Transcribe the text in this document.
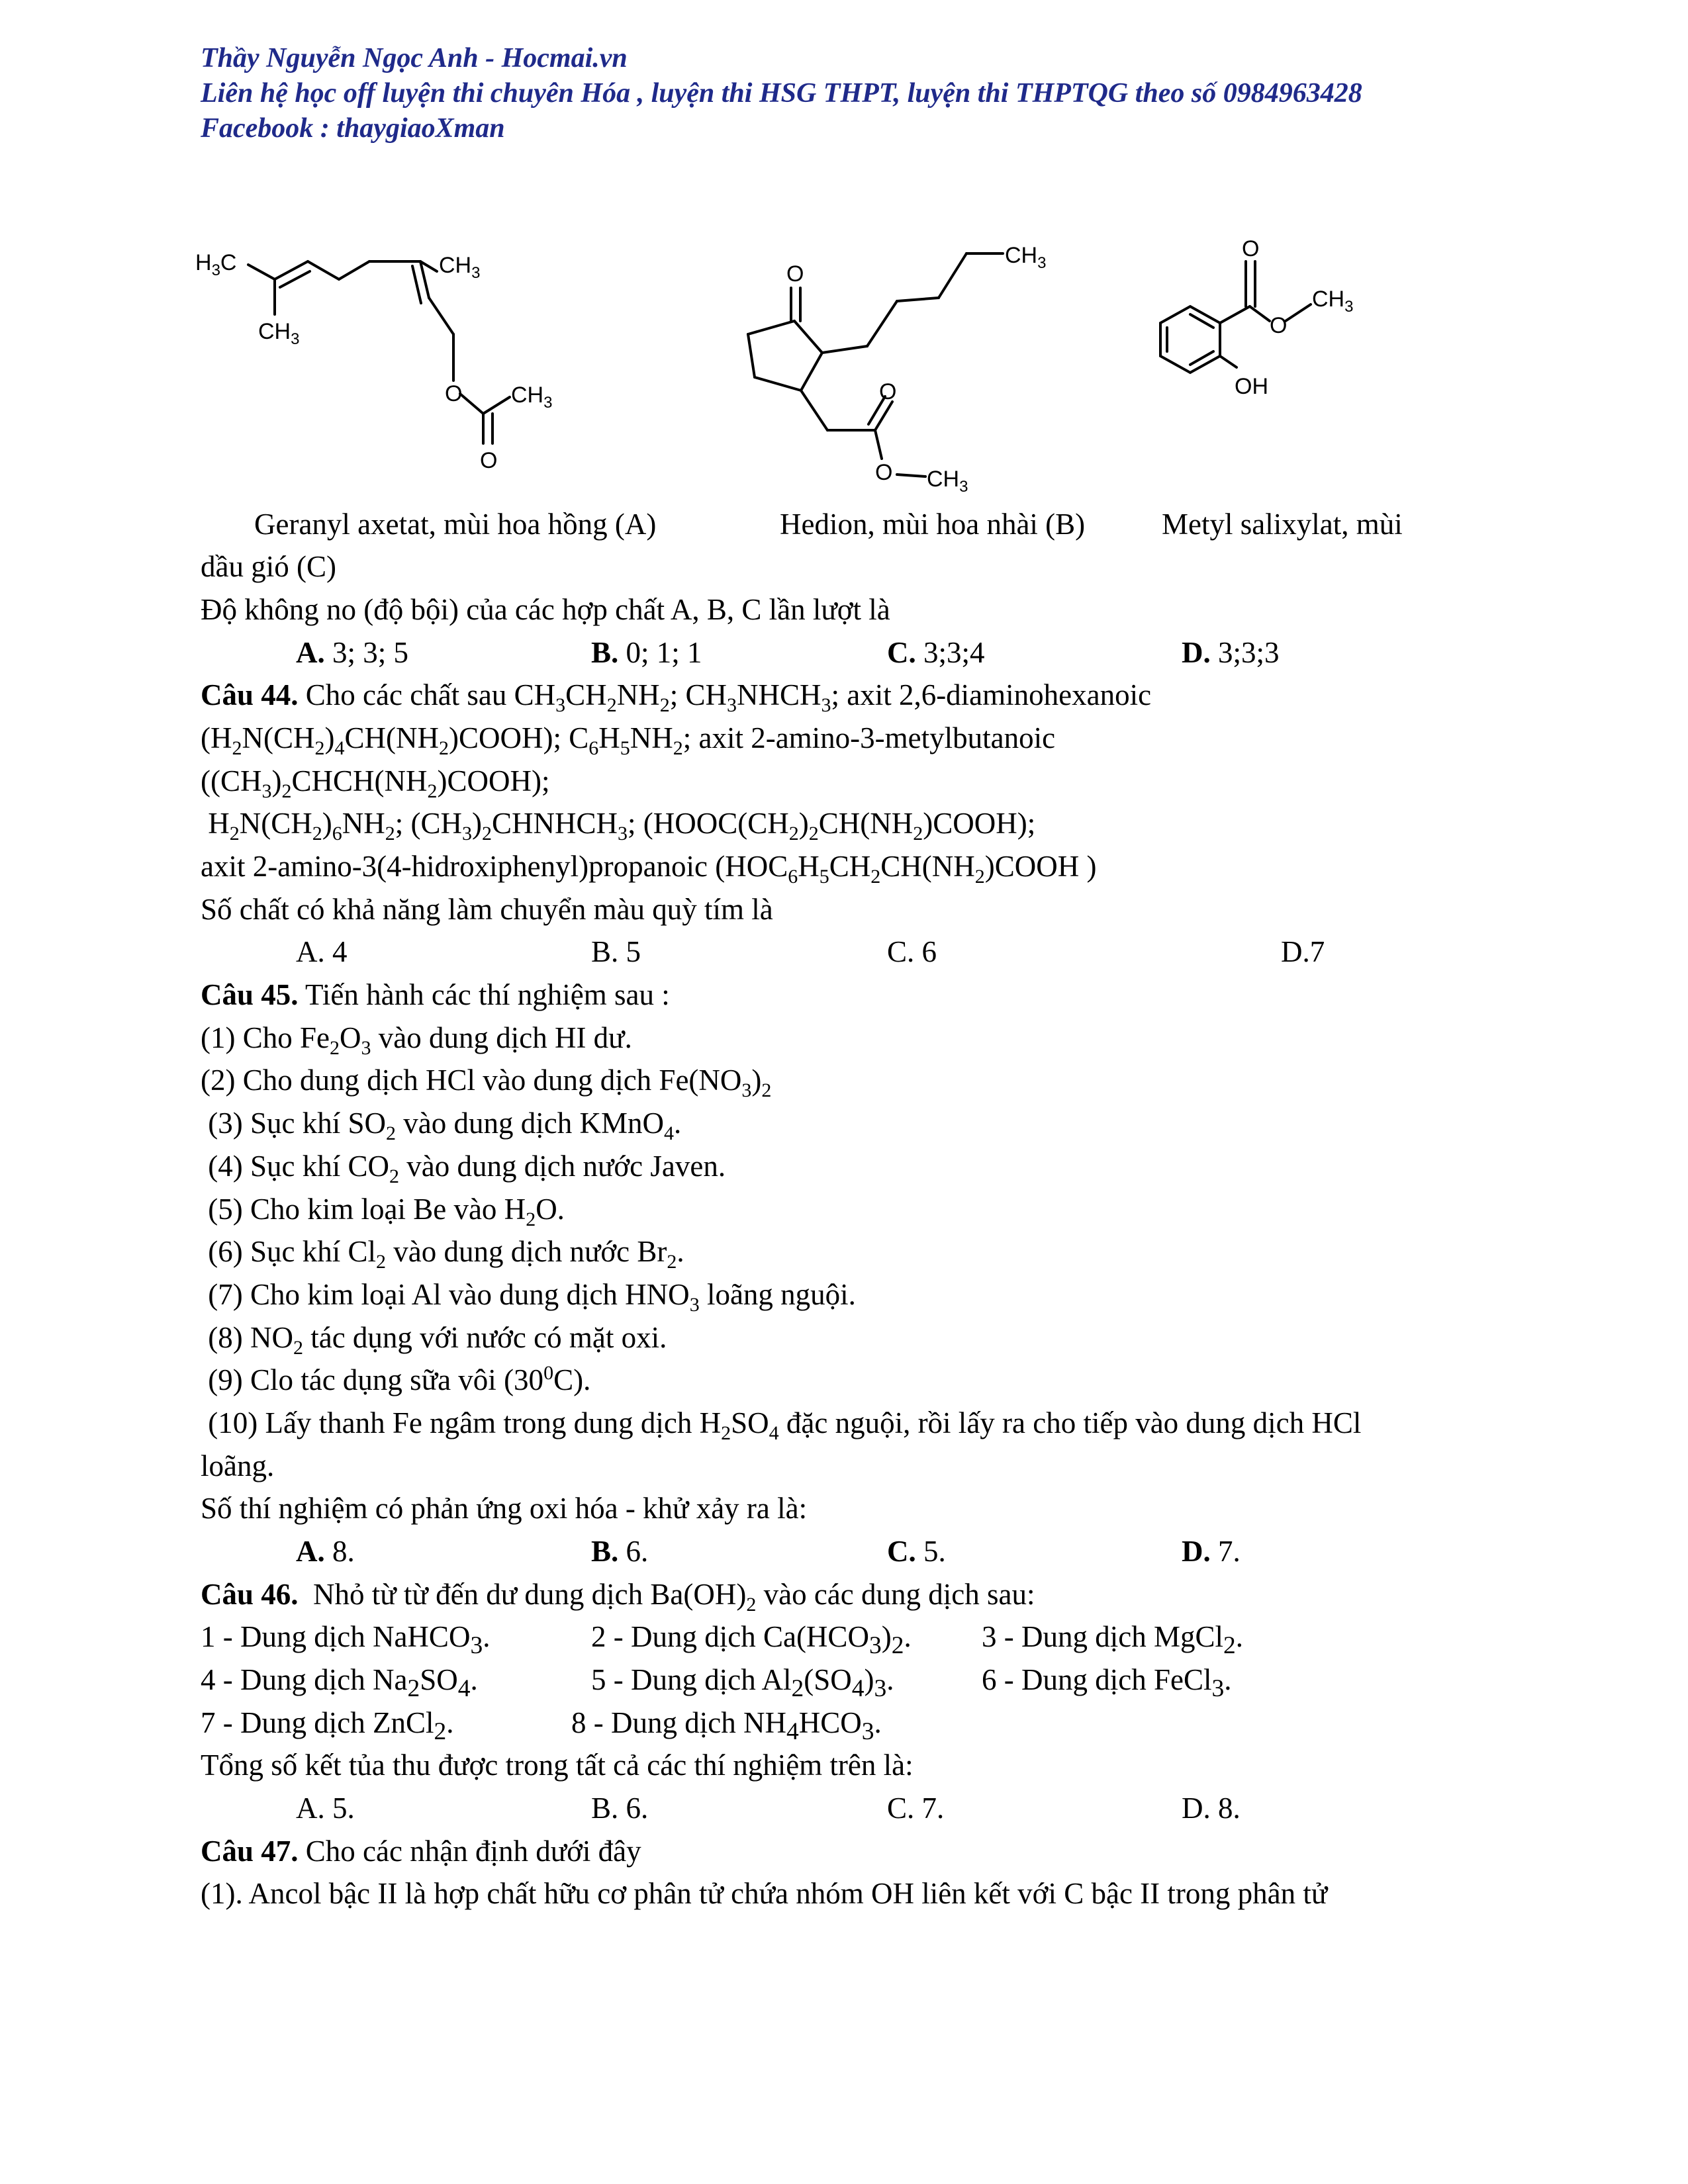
Thầy Nguyễn Ngọc Anh - Hocmai.vn
Liên hệ học off luyện thi chuyên Hóa , luyện thi HSG THPT, luyện thi THPTQG theo số 0984963428
Facebook : thaygiaoXman
$H_3C$	$CH_3$
$CH_3$
O $CH_3$
O
O
$CH_3$
O
O $CH_3$
O
O
$CH_3$
OH
Geranyl axetat, mùi hoa hồng (A)	Hedion, mùi hoa nhài (B)	Metyl salixylat, mùi
dầu gió (C)
Độ không no (độ bội) của các hợp chất A, B, C lần lượt là
A. 3; 3; 5	B. 0; 1; 1	C. 3;3;4	D. 3;3;3
Câu 44. Cho các chất sau $CH_3CH_2NH_2$; $CH_3NHCH_3$; axit 2,6-diaminohexanoic
$(H_2N(CH_2)_4CH(NH_2)COOH)$; $C_6H_5NH_2$; axit 2-amino-3-metylbutanoic
$((CH_3)_2CHCH(NH_2)COOH)$;
$H_2N(CH_2)_6NH_2$; $(CH_3)_2CHNHCH_3$; $(HOOC(CH_2)_2CH(NH_2)COOH)$;
axit 2-amino-3(4-hidroxiphenyl)propanoic ($HOC_6H_5CH_2CH(NH_2)COOH$ )
Số chất có khả năng làm chuyển màu quỳ tím là
A. 4	B. 5	C. 6	D.7
Câu 45. Tiến hành các thí nghiệm sau :
(1) Cho $Fe_2O_3$ vào dung dịch HI dư.
(2) Cho dung dịch HCl vào dung dịch $Fe(NO_3)_2$
(3) Sục khí $SO_2$ vào dung dịch KMnO$_4$.
(4) Sục khí $CO_2$ vào dung dịch nước Javen.
(5) Cho kim loại Be vào $H_2O$.
(6) Sục khí $Cl_2$ vào dung dịch nước $Br_2$.
(7) Cho kim loại Al vào dung dịch $HNO_3$ loãng nguội.
(8) $NO_2$ tác dụng với nước có mặt oxi.
(9) Clo tác dụng sữa vôi $(30^0C)$.
(10) Lấy thanh Fe ngâm trong dung dịch $H_2SO_4$ đặc nguội, rồi lấy ra cho tiếp vào dung dịch HCl
loãng.
Số thí nghiệm có phản ứng oxi hóa - khử xảy ra là:
A. 8.	B. 6.	C. 5.	D. 7.
Câu 46.  Nhỏ từ từ đến dư dung dịch $Ba(OH)_2$ vào các dung dịch sau:
1 - Dung dịch NaHCO$_3$.	2 - Dung dịch $Ca(HCO_3)_2$. 3 - Dung dịch MgCl$_2$.
4 - Dung dịch $Na_2SO_4$.	5 - Dung dịch $Al_2(SO_4)_3$.	6 - Dung dịch FeCl$_3$.
7 - Dung dịch ZnCl$_2$.	8 - Dung dịch $NH_4HCO_3$.
Tổng số kết tủa thu được trong tất cả các thí nghiệm trên là:
A. 5.	B. 6.	C. 7.	D. 8.
Câu 47. Cho các nhận định dưới đây
(1). Ancol bậc II là hợp chất hữu cơ phân tử chứa nhóm OH liên kết với C bậc II trong phân tử
